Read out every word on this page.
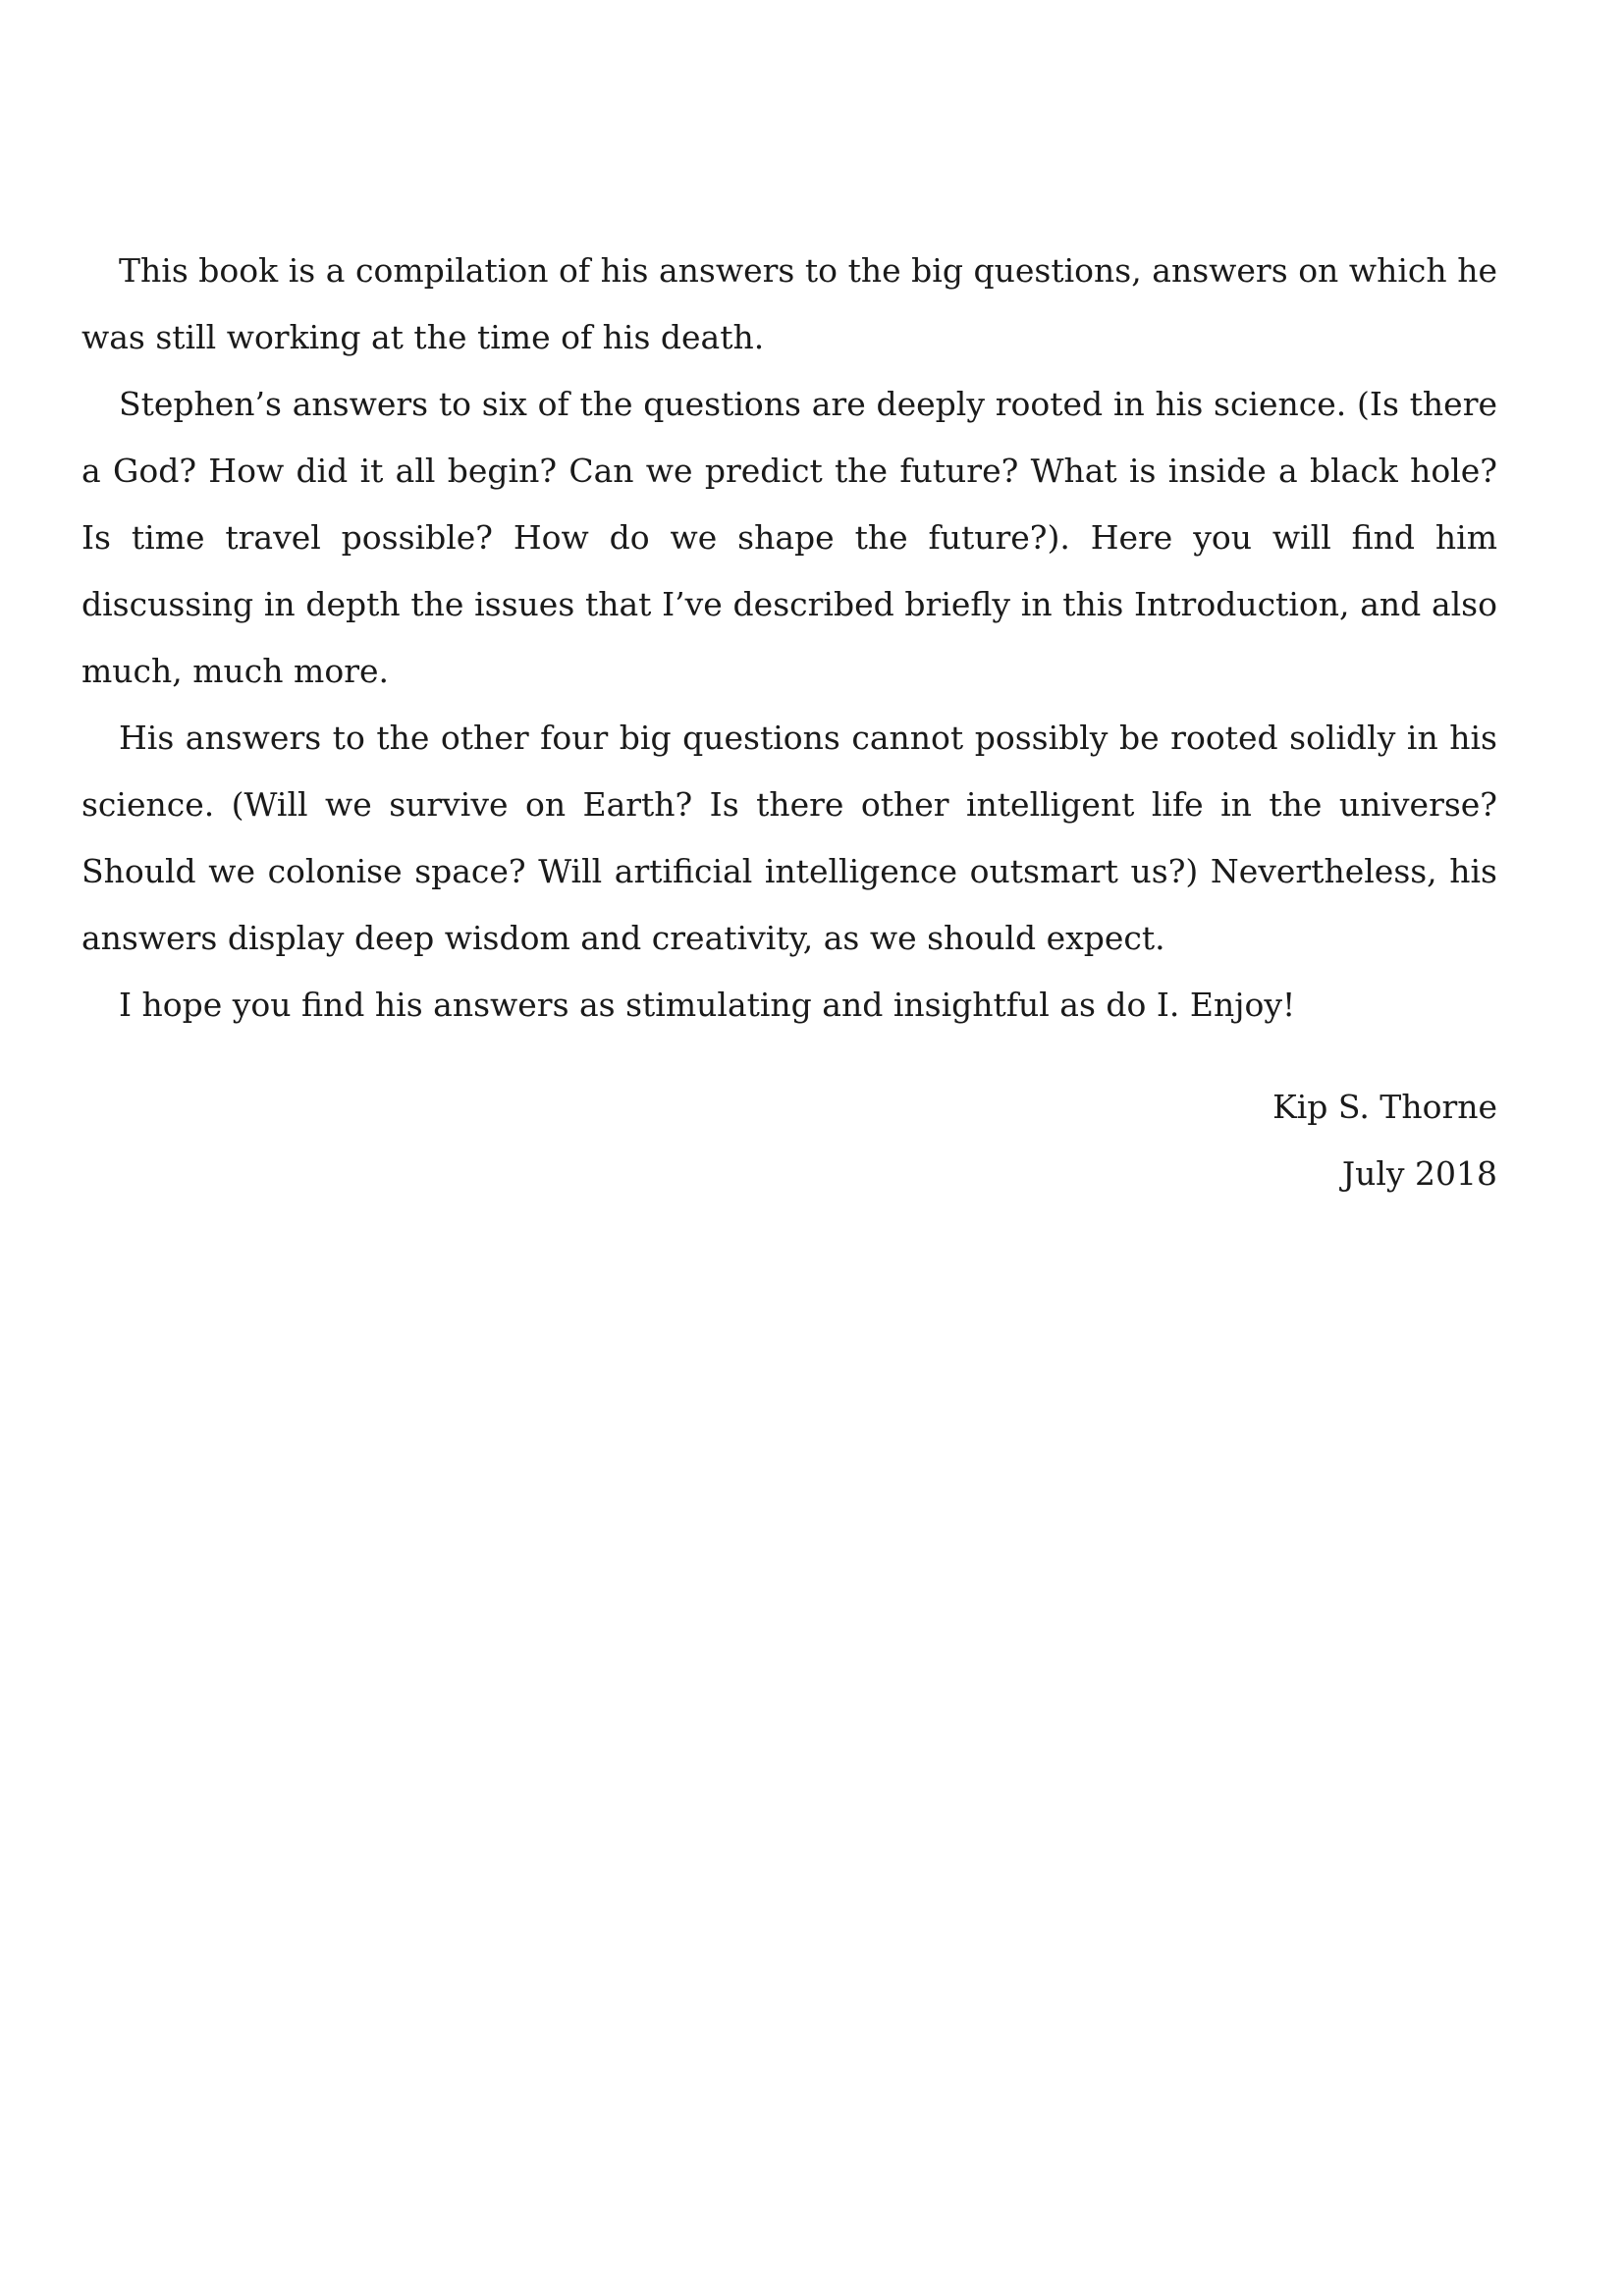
This book is a compilation of his answers to the big questions, answers on which he was still working at the time of his death.

Stephen’s answers to six of the questions are deeply rooted in his science. (Is there a God? How did it all begin? Can we predict the future? What is inside a black hole? Is time travel possible? How do we shape the future?). Here you will find him discussing in depth the issues that I’ve described briefly in this Introduction, and also much, much more.

His answers to the other four big questions cannot possibly be rooted solidly in his science. (Will we survive on Earth? Is there other intelligent life in the universe? Should we colonise space? Will artificial intelligence outsmart us?) Nevertheless, his answers display deep wisdom and creativity, as we should expect.

I hope you find his answers as stimulating and insightful as do I. Enjoy!

Kip S. Thorne
July 2018
